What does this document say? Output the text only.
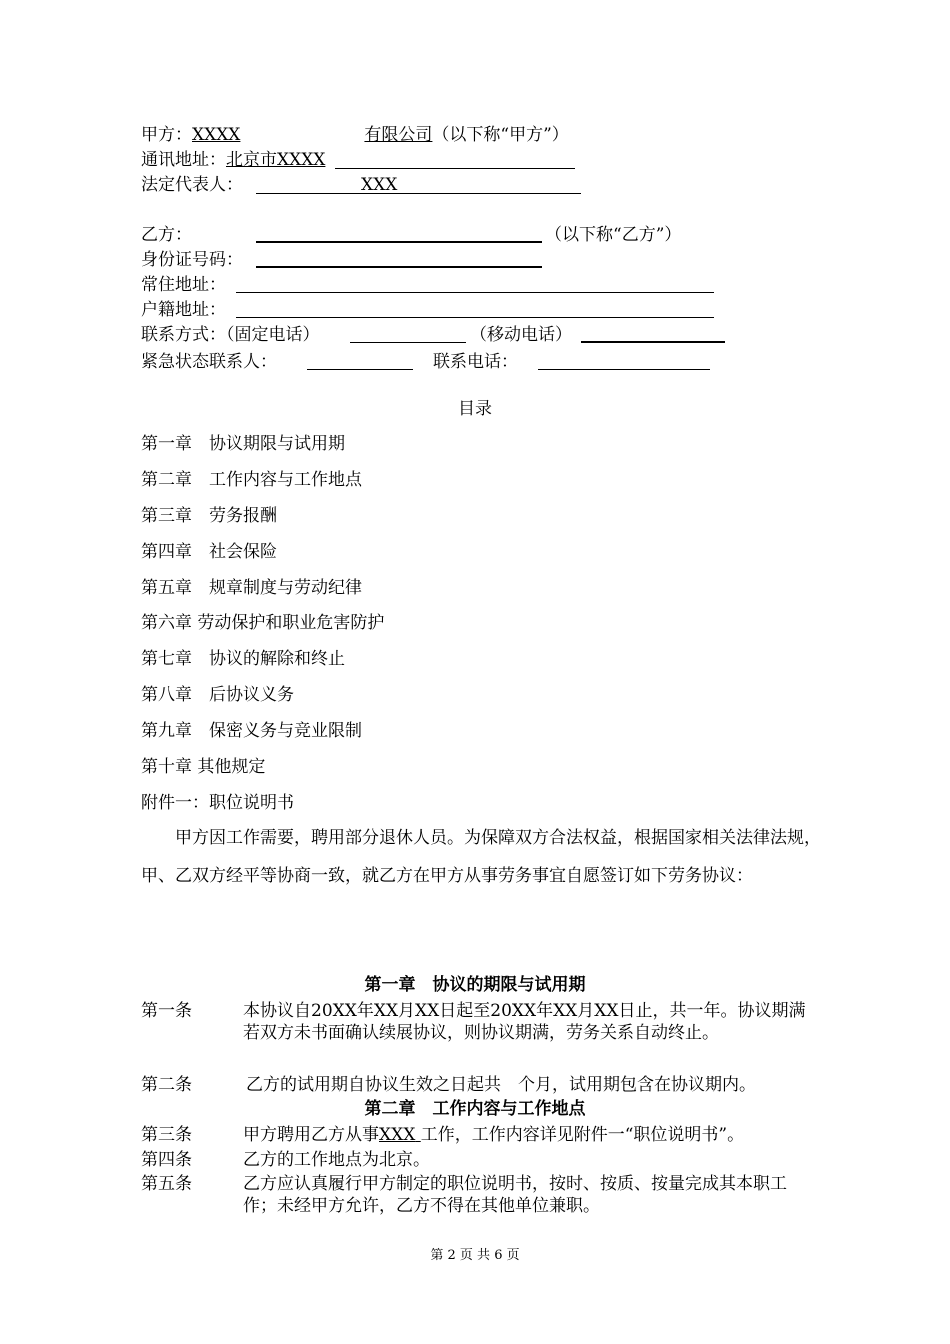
甲方：XXXX	有限公司（以下称“甲方”）
通讯地址：北京市XXXX
法定代表人：	XXX
乙方：	（以下称“乙方”）
身份证号码：
常住地址：
户籍地址：
联系方式：（固定电话）	（移动电话）
紧急状态联系人：	联系电话：
目录
第一章　协议期限与试用期
第二章　工作内容与工作地点
第三章　劳务报酬
第四章　社会保险
第五章　规章制度与劳动纪律
第六章 劳动保护和职业危害防护
第七章　协议的解除和终止
第八章　后协议义务
第九章　保密义务与竞业限制
第十章 其他规定
附件一：职位说明书
甲方因工作需要，聘用部分退休人员。为保障双方合法权益，根据国家相关法律法规，甲、乙双方经平等协商一致，就乙方在甲方从事劳务事宜自愿签订如下劳务协议：
第一章　协议的期限与试用期
第一条	本协议自20XX年XX月XX日起至20XX年XX月XX日止，共一年。协议期满若双方未书面确认续展协议，则协议期满，劳务关系自动终止。
第二条	乙方的试用期自协议生效之日起共　个月，试用期包含在协议期内。
第二章　工作内容与工作地点
第三条	甲方聘用乙方从事XXX 工作，工作内容详见附件一“职位说明书”。
第四条	乙方的工作地点为北京。
第五条	乙方应认真履行甲方制定的职位说明书，按时、按质、按量完成其本职工作；未经甲方允许，乙方不得在其他单位兼职。
第 2 页 共 6 页
